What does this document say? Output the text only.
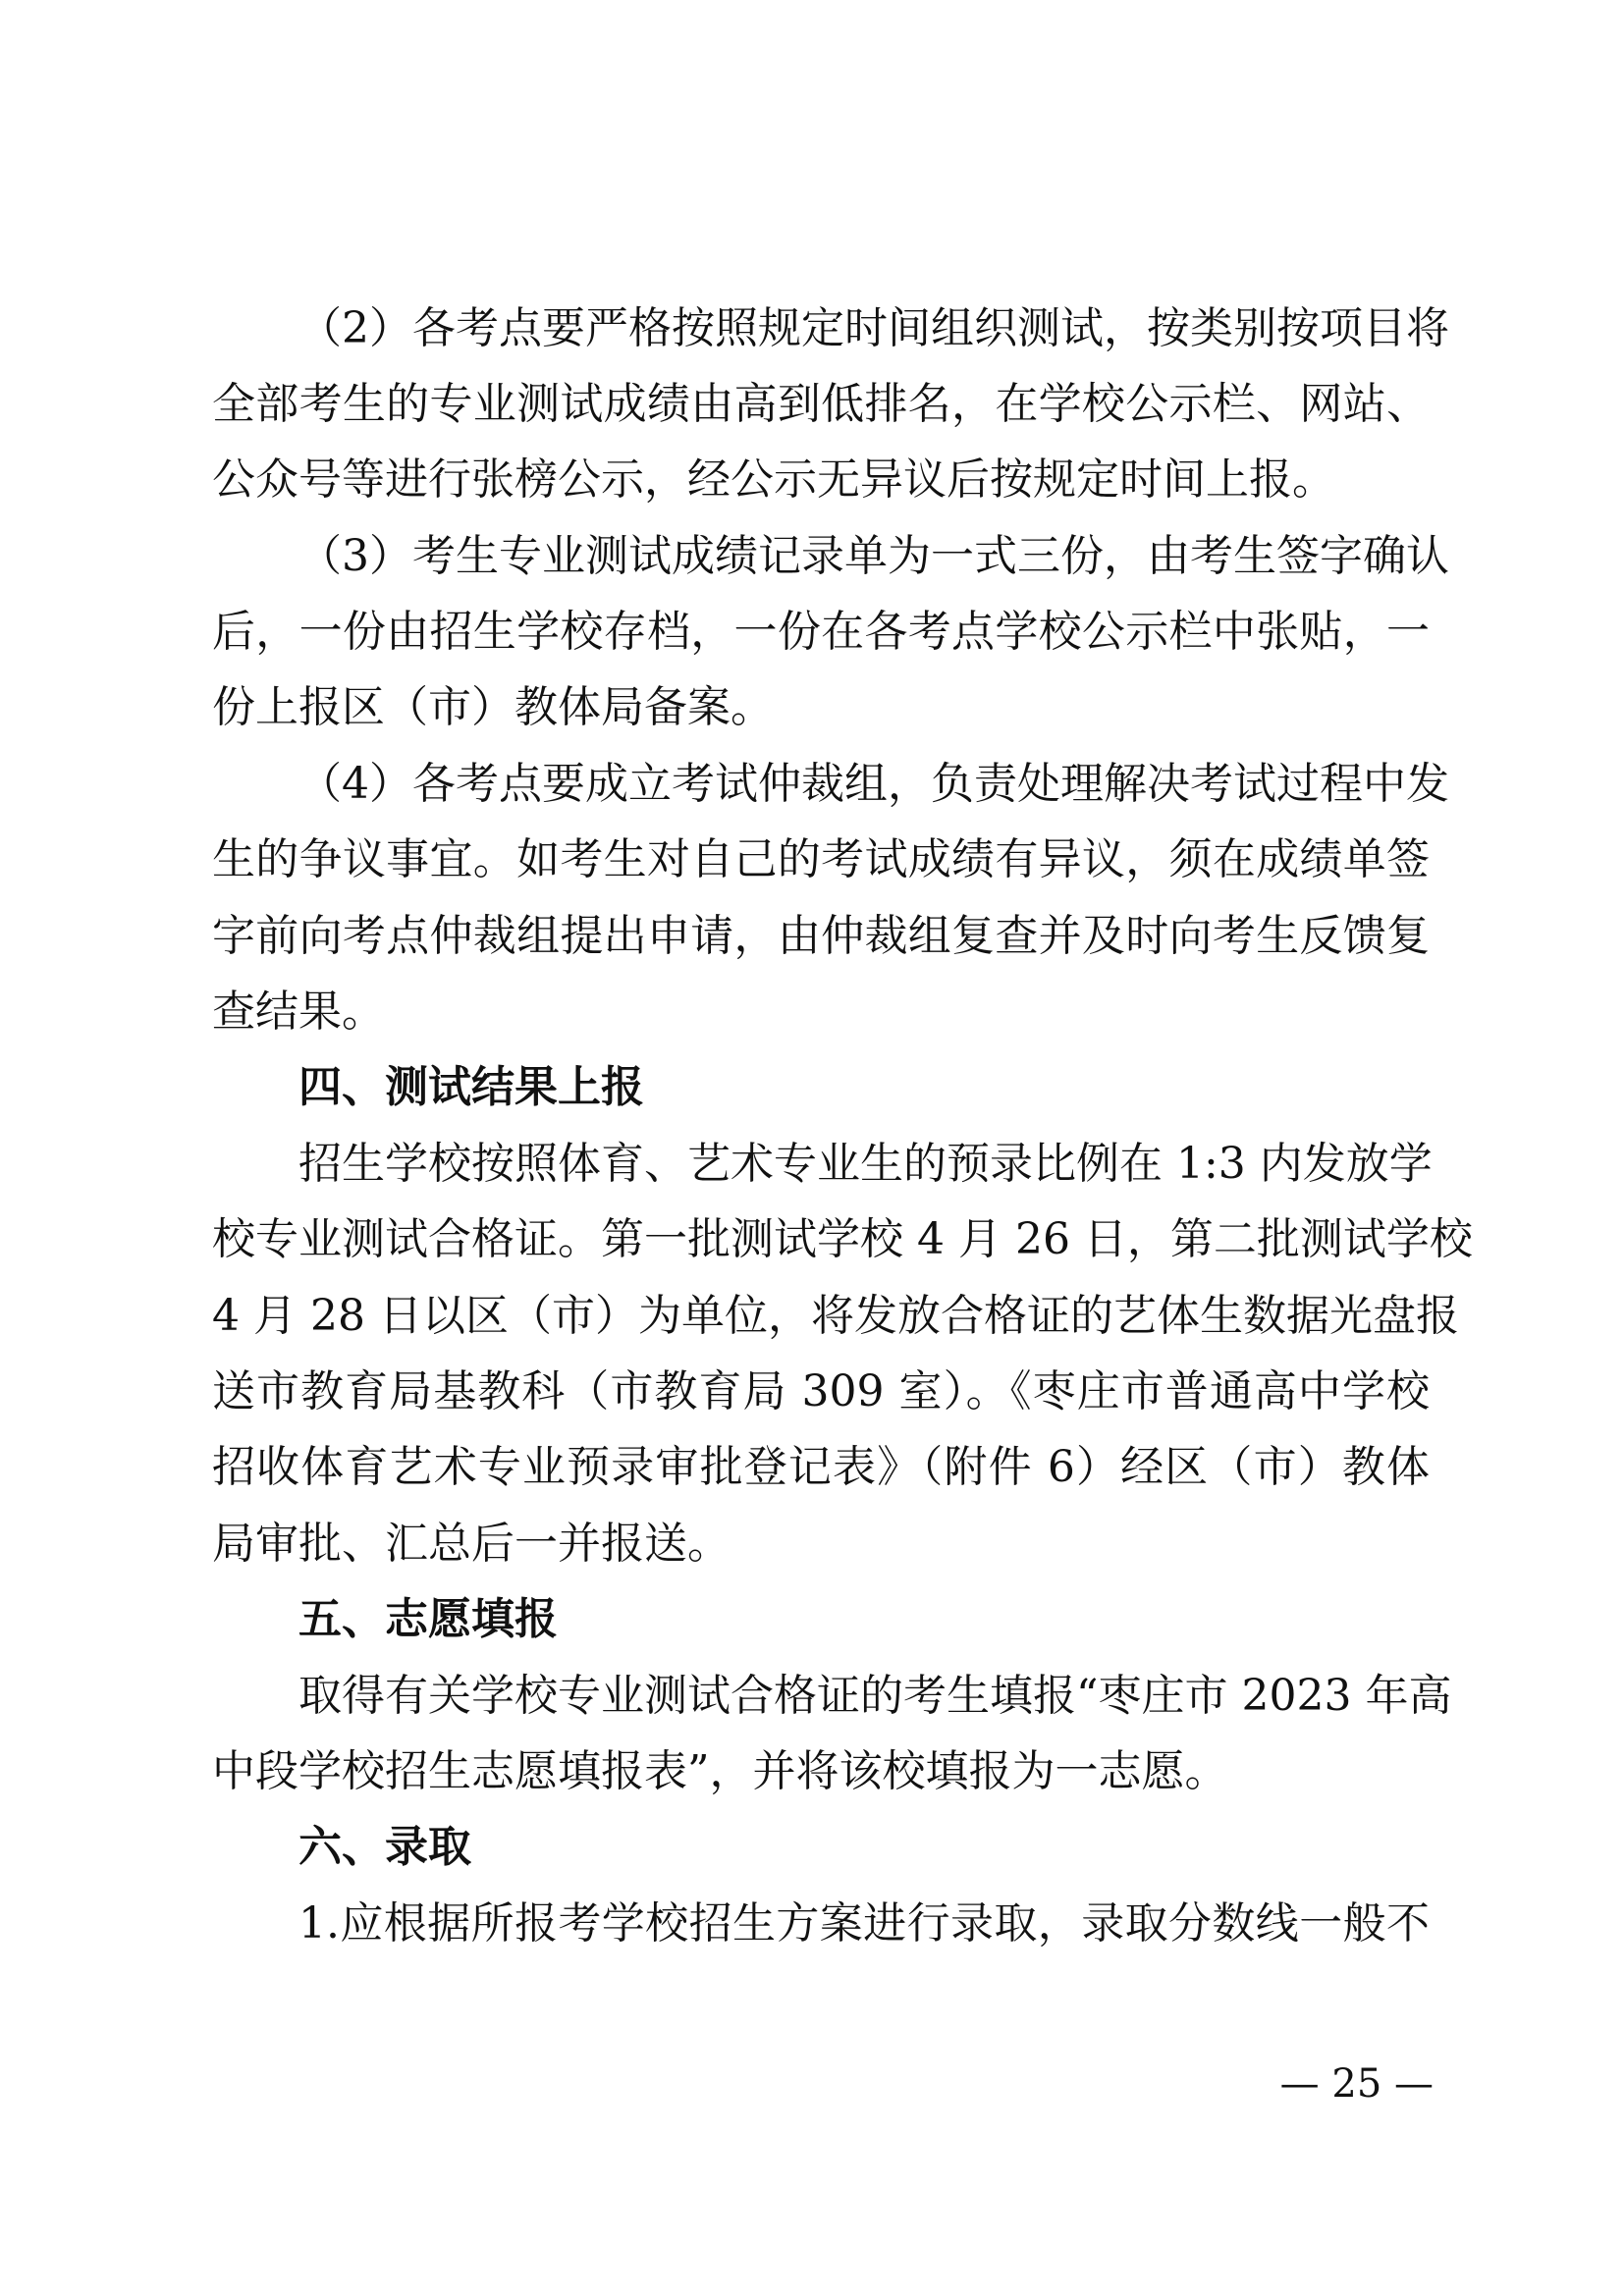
（2）各考点要严格按照规定时间组织测试，按类别按项目将
全部考生的专业测试成绩由高到低排名，在学校公示栏、网站、
公众号等进行张榜公示，经公示无异议后按规定时间上报。
（3）考生专业测试成绩记录单为一式三份，由考生签字确认
后，一份由招生学校存档，一份在各考点学校公示栏中张贴，一
份上报区（市）教体局备案。
（4）各考点要成立考试仲裁组，负责处理解决考试过程中发
生的争议事宜。如考生对自己的考试成绩有异议，须在成绩单签
字前向考点仲裁组提出申请，由仲裁组复查并及时向考生反馈复
查结果。
四、测试结果上报
招生学校按照体育、艺术专业生的预录比例在 1:3 内发放学
校专业测试合格证。第一批测试学校 4 月 26 日，第二批测试学校
4 月 28 日以区（市）为单位，将发放合格证的艺体生数据光盘报
送市教育局基教科（市教育局 309 室）。《枣庄市普通高中学校
招收体育艺术专业预录审批登记表》（附件 6）经区（市）教体
局审批、汇总后一并报送。
五、志愿填报
取得有关学校专业测试合格证的考生填报“枣庄市 2023 年高
中段学校招生志愿填报表”，并将该校填报为一志愿。
六、录取
1.应根据所报考学校招生方案进行录取，录取分数线一般不
— 25 —
